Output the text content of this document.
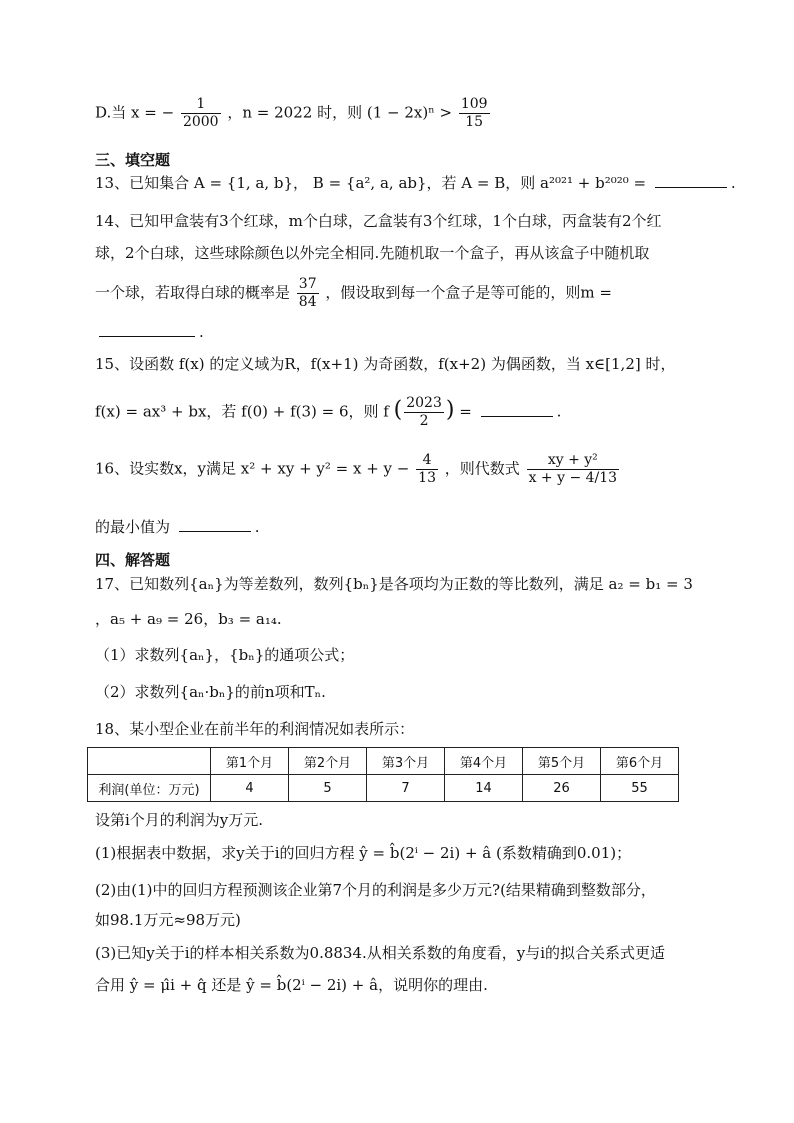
D.当 x = − $\frac{1}{2000}$ ，n = 2022 时，则 $(1 - 2x)^n > \frac{109}{15}$
三、填空题
13、已知集合 A = {1, a, b}， B = {a², a, ab}，若 A = B，则 a²⁰²¹ + b²⁰²⁰ =	.
14、已知甲盒装有3个红球，m个白球，乙盒装有3个红球，1个白球，丙盒装有2个红
球，2个白球，这些球除颜色以外完全相同.先随机取一个盒子，再从该盒子中随机取
一个球，若取得白球的概率是 $\frac{37}{84}$ ，假设取到每一个盒子是等可能的，则m =
.
15、设函数 f(x) 的定义域为R，f(x+1) 为奇函数，f(x+2) 为偶函数，当 x∈[1,2] 时，
f(x) = ax³ + bx，若 f(0) + f(3) = 6，则 f ( $\frac{2023}{2}$ ) =	.
16、设实数x，y满足 x² + xy + $y^2 = x + y - \frac{4}{13}$ ，则代数式 $\frac{\text{xy + y²}}{x + y - 4/13}$
的最小值为	.
四、解答题
17、已知数列{aₙ}为等差数列，数列{bₙ}是各项均为正数的等比数列，满足 a₂ = b₁ = 3
，a₅ + a₉ = 26，b₃ = a₁₄.
（1）求数列{aₙ}，{bₙ}的通项公式；
（2）求数列{aₙ·bₙ}的前n项和Tₙ.
18、某小型企业在前半年的利润情况如表所示：
	第1个月	第2个月	第3个月	第4个月	第5个月	第6个月
利润(单位：万元)	4	5	7	14	26	55
设第i个月的利润为y万元.
(1)根据表中数据，求y关于i的回归方程 ŷ = b̂(2ⁱ − 2i) + â (系数精确到0.01)；
(2)由(1)中的回归方程预测该企业第7个月的利润是多少万元?(结果精确到整数部分，
如98.1万元≈98万元)
(3)已知y关于i的样本相关系数为0.8834.从相关系数的角度看，y与i的拟合关系式更适
合用 ŷ = μ̂i + q̂ 还是 ŷ = b̂(2ⁱ − 2i) + â，说明你的理由.
